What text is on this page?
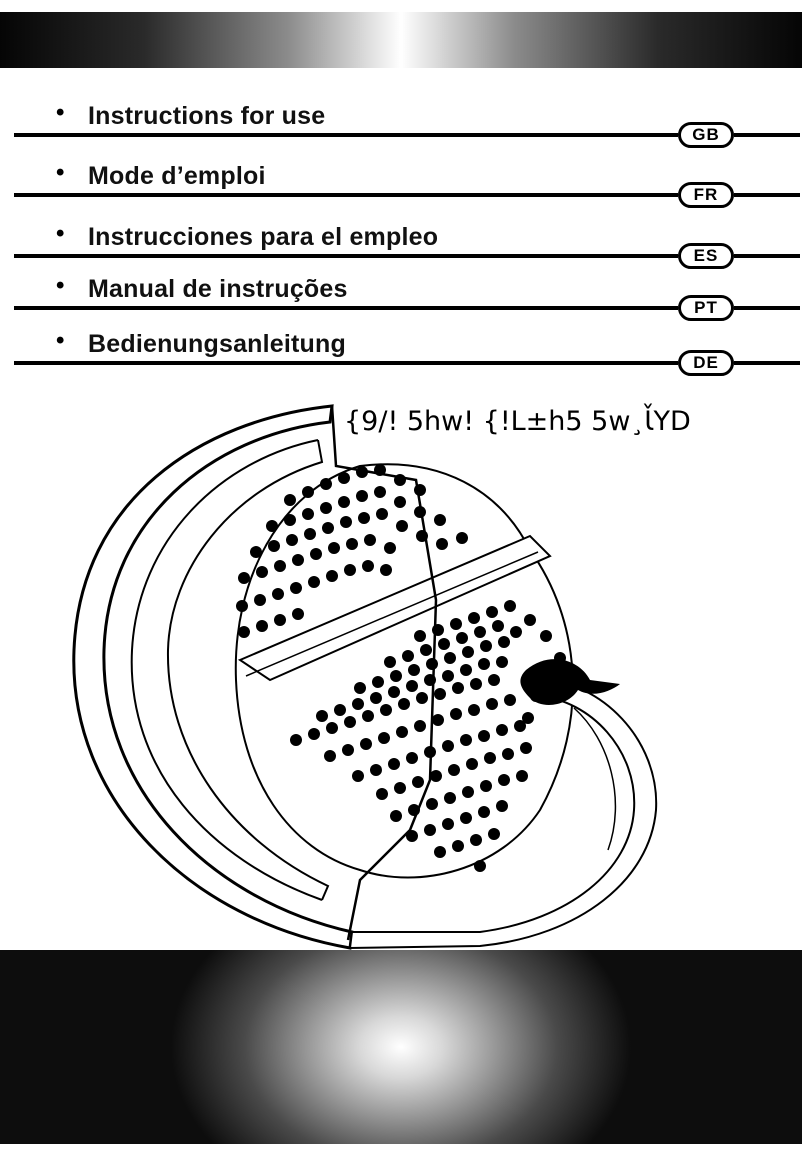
• Instructions for use
GB
• Mode d’emploi
FR
• Instrucciones para el empleo
ES
• Manual de instruções
PT
• Bedienungsanleitung
DE
{9/! 5hw! {!L±h5 5w¸Ɩ̌YD
